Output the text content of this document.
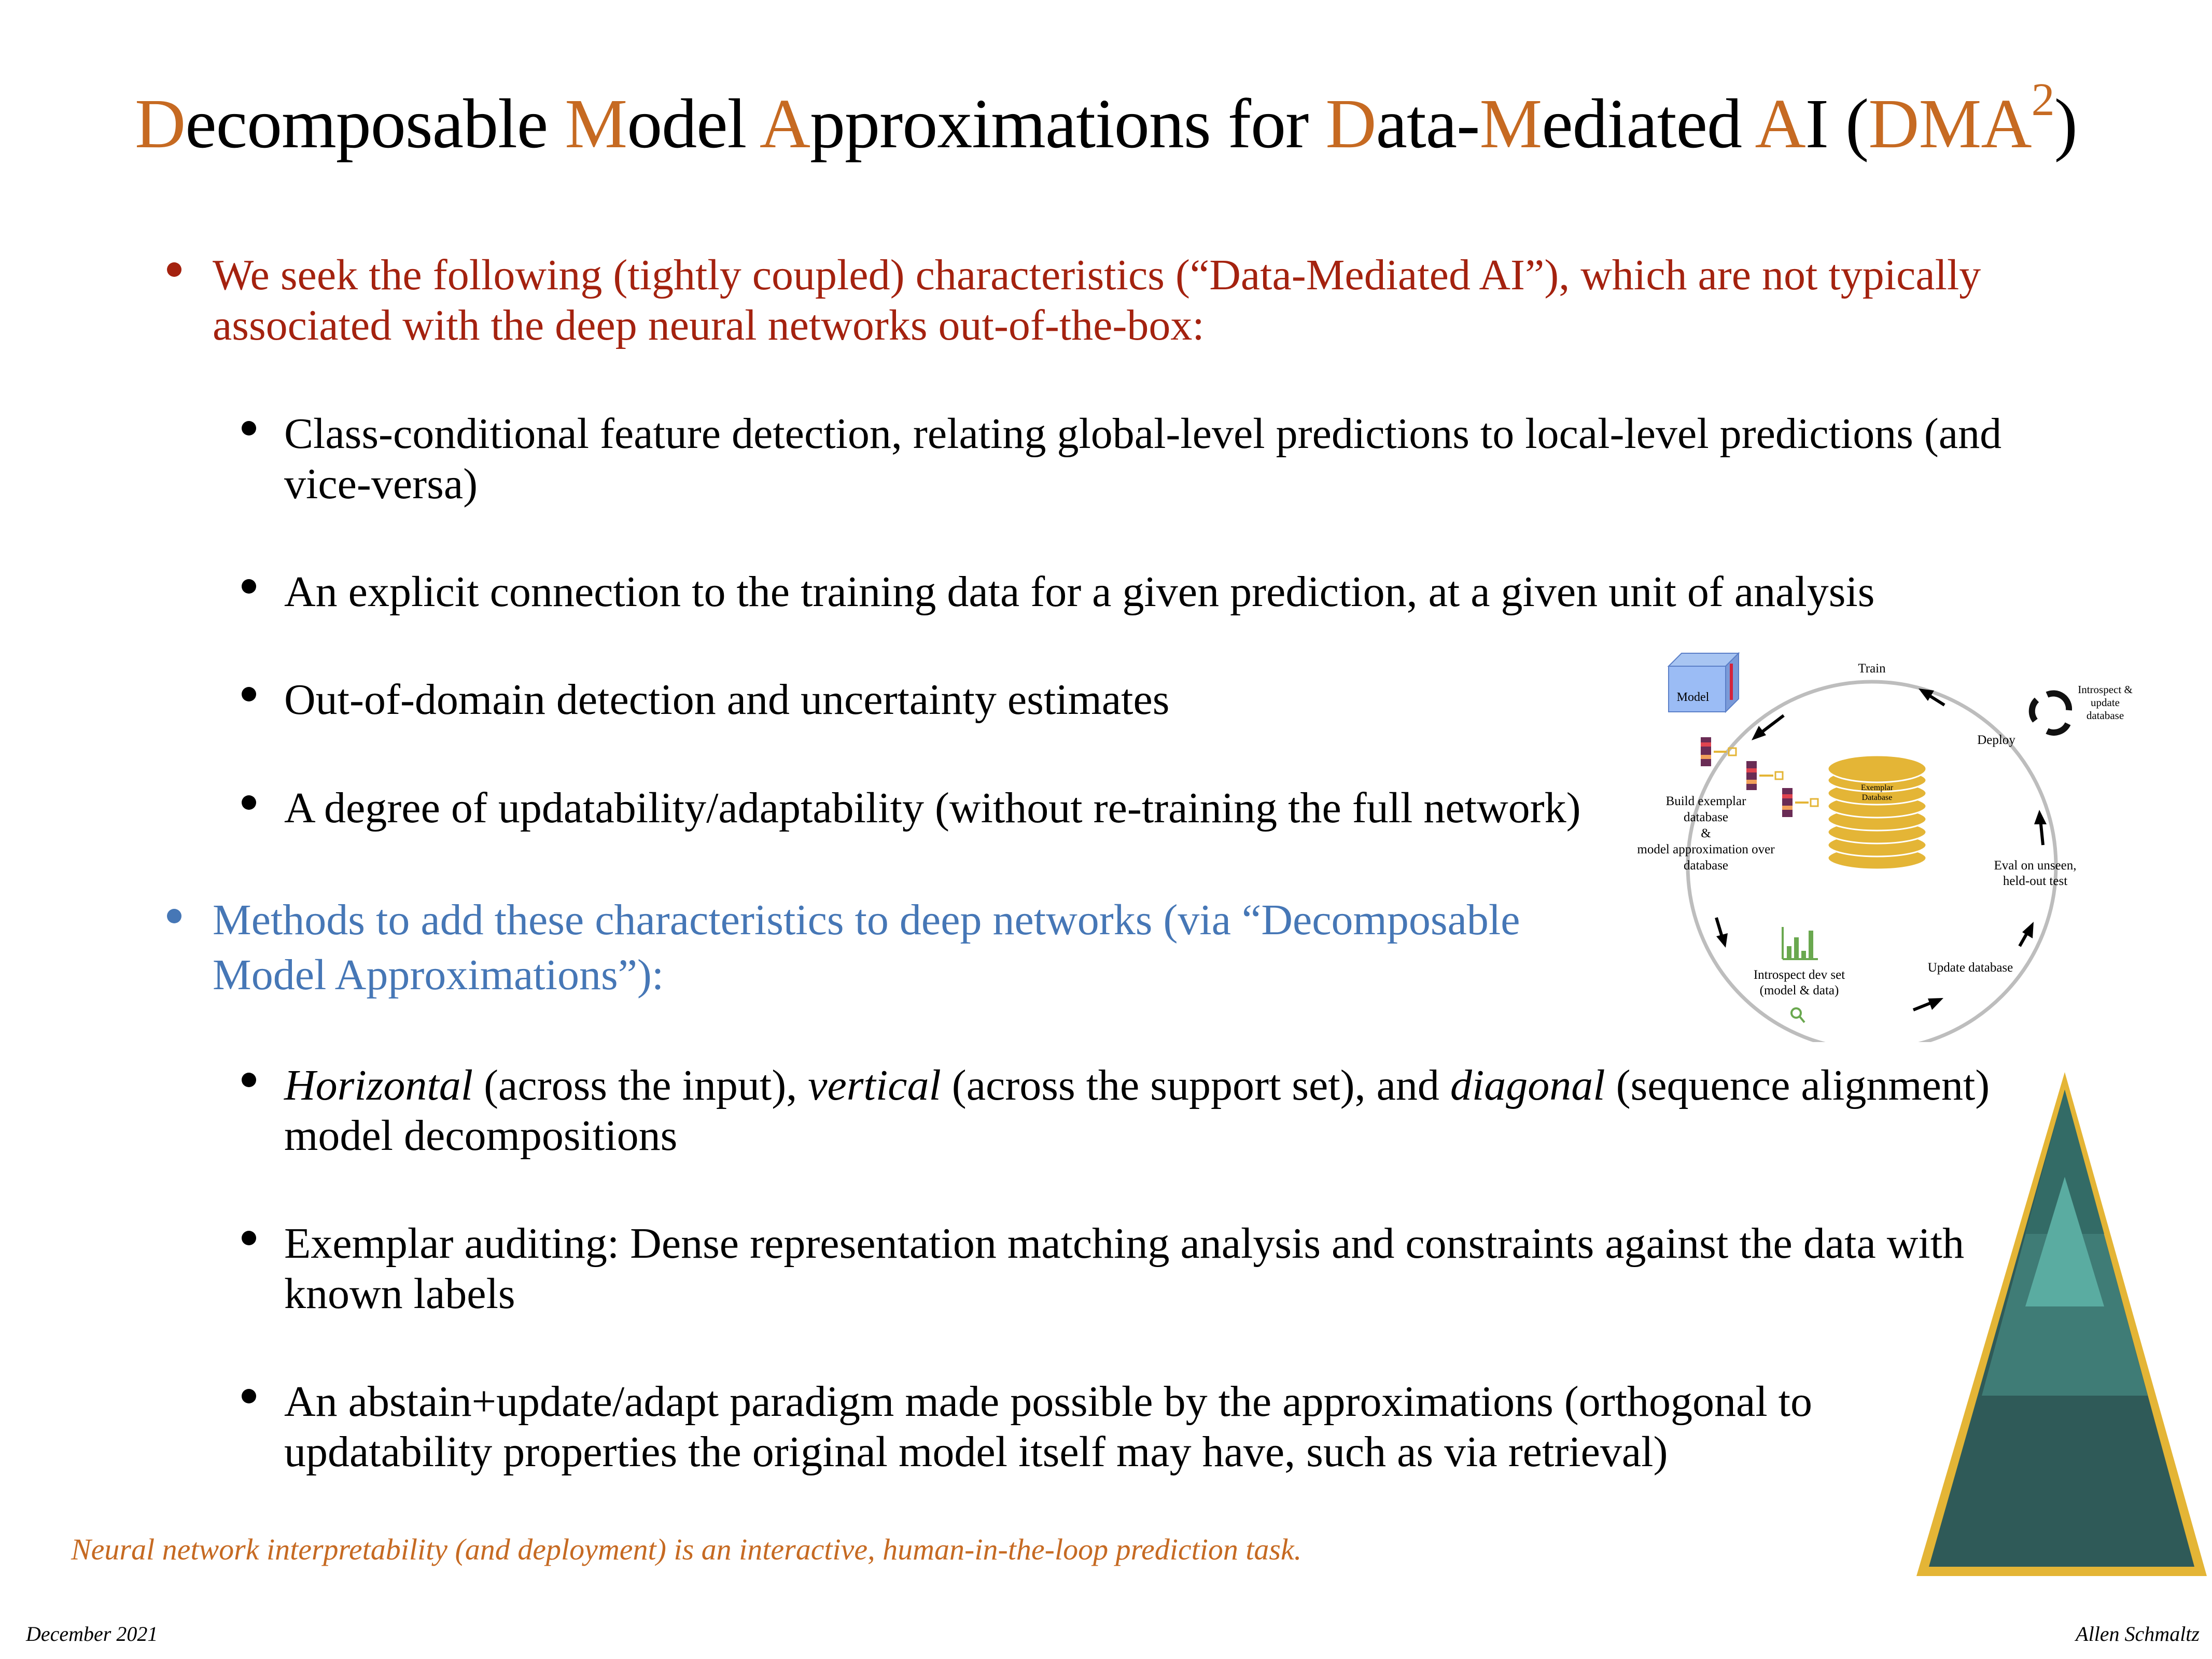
Decomposable Model Approximations for Data-Mediated AI (DMA$^2$)
We seek the following (tightly coupled) characteristics (“Data-Mediated AI”), which are not typically
associated with the deep neural networks out-of-the-box:
Class-conditional feature detection, relating global-level predictions to local-level predictions (and
vice-versa)
An explicit connection to the training data for a given prediction, at a given unit of analysis
Out-of-domain detection and uncertainty estimates
A degree of updatability/adaptability (without re-training the full network)
Methods to add these characteristics to deep networks (via “Decomposable
Model Approximations”):
Horizontal (across the input), vertical (across the support set), and diagonal (sequence alignment)
model decompositions
Exemplar auditing: Dense representation matching analysis and constraints against the data with
known labels
An abstain+update/adapt paradigm made possible by the approximations (orthogonal to
updatability properties the original model itself may have, such as via retrieval)
Neural network interpretability (and deployment) is an interactive, human-in-the-loop prediction task.
December 2021	Allen Schmaltz
Model
Train
Deploy
Introspect &
update
database
Exemplar
Database
Build exemplar
database
&
model approximation over
database	Eval on unseen,
held-out test
Update database
Introspect dev set
(model & data)
